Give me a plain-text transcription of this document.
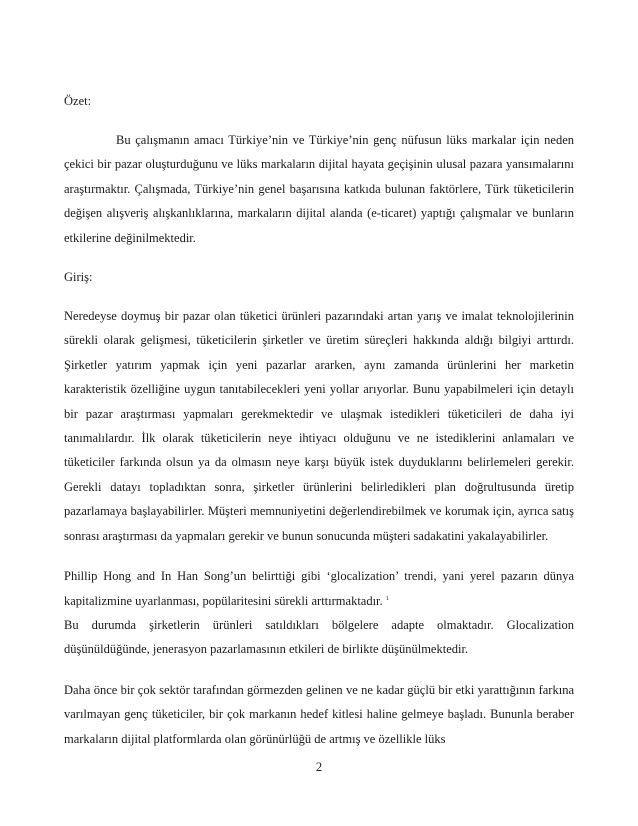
Özet:

Bu çalışmanın amacı Türkiye’nin ve Türkiye’nin genç nüfusun lüks markalar için neden çekici bir pazar oluşturduğunu ve lüks markaların dijital hayata geçişinin ulusal pazara yansımalarını araştırmaktır. Çalışmada, Türkiye’nin genel başarısına katkıda bulunan faktörlere, Türk tüketicilerin değişen alışveriş alışkanlıklarına, markaların dijital alanda (e-ticaret) yaptığı çalışmalar ve bunların etkilerine değinilmektedir.

Giriş:

Neredeyse doymuş bir pazar olan tüketici ürünleri pazarındaki artan yarış ve imalat teknolojilerinin sürekli olarak gelişmesi, tüketicilerin şirketler ve üretim süreçleri hakkında aldığı bilgiyi arttırdı. Şirketler yatırım yapmak için yeni pazarlar ararken, aynı zamanda ürünlerini her marketin karakteristik özelliğine uygun tanıtabilecekleri yeni yollar arıyorlar. Bunu yapabilmeleri için detaylı bir pazar araştırması yapmaları gerekmektedir ve ulaşmak istedikleri tüketicileri de daha iyi tanımalılardır. İlk olarak tüketicilerin neye ihtiyacı olduğunu ve ne istediklerini anlamaları ve tüketiciler farkında olsun ya da olmasın neye karşı büyük istek duyduklarını belirlemeleri gerekir. Gerekli datayı topladıktan sonra, şirketler ürünlerini belirledikleri plan doğrultusunda üretip pazarlamaya başlayabilirler. Müşteri memnuniyetini değerlendirebilmek ve korumak için, ayrıca satış sonrası araştırması da yapmaları gerekir ve bunun sonucunda müşteri sadakatini yakalayabilirler.

Phillip Hong and In Han Song’un belirttiği gibi ‘glocalization’ trendi, yani yerel pazarın dünya kapitalizmine uyarlanması, popülaritesini sürekli arttırmaktadır. $^1$

Bu durumda şirketlerin ürünleri satıldıkları bölgelere adapte olmaktadır. Glocalization düşünüldüğünde, jenerasyon pazarlamasının etkileri de birlikte düşünülmektedir.

Daha önce bir çok sektör tarafından görmezden gelinen ve ne kadar güçlü bir etki yarattığının farkına varılmayan genç tüketiciler, bir çok markanın hedef kitlesi haline gelmeye başladı. Bununla beraber markaların dijital platformlarda olan görünürlüğü de artmış ve özellikle lüks

2
